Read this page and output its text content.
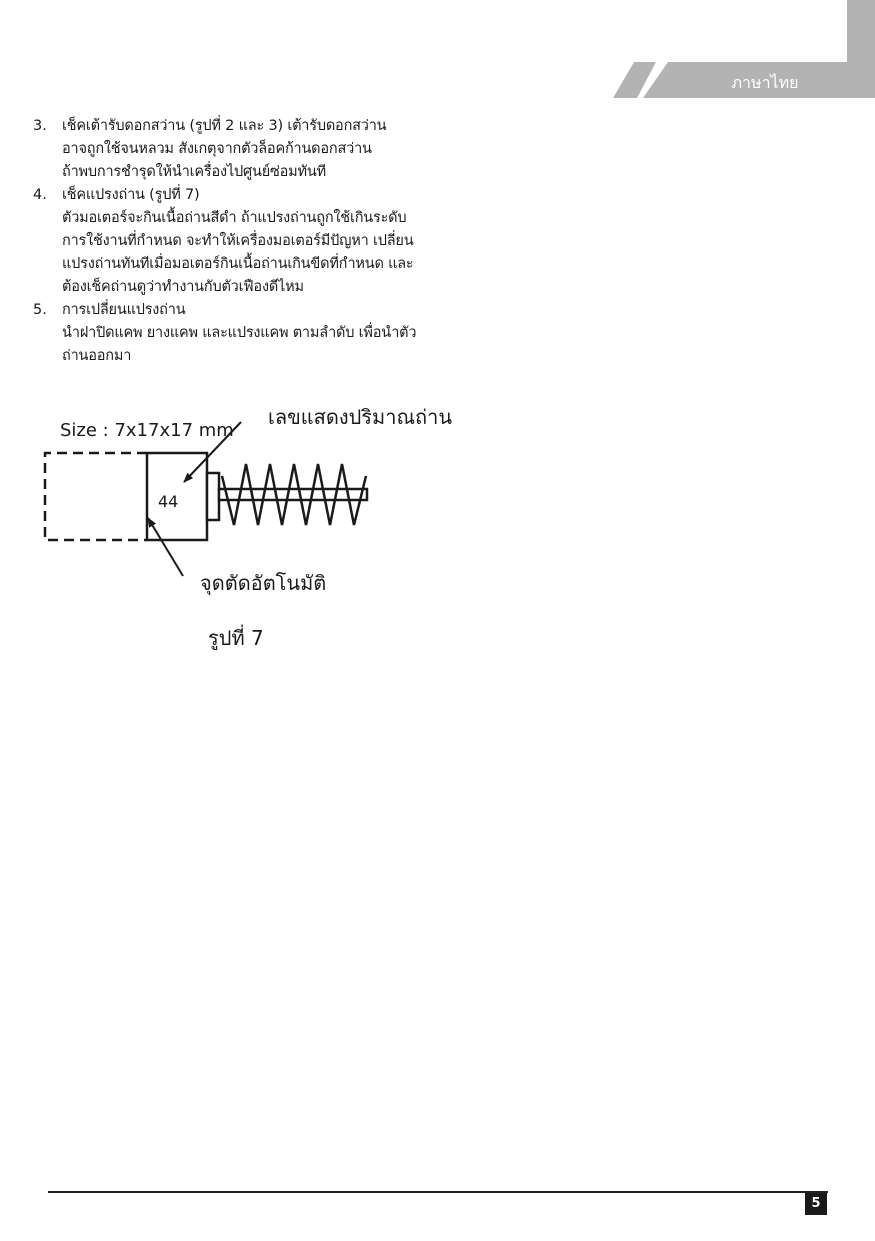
ภาษาไทย
3.	เช็คเต้ารับดอกสว่าน (รูปที่ 2 และ 3) เต้ารับดอกสว่าน
อาจถูกใช้จนหลวม สังเกตุจากตัวล็อคก้านดอกสว่าน
ถ้าพบการชำรุดให้นำเครื่องไปศูนย์ซ่อมทันที
4.	เช็คแปรงถ่าน (รูปที่ 7)
ตัวมอเตอร์จะกินเนื้อถ่านสีดำ ถ้าแปรงถ่านถูกใช้เกินระดับ
การใช้งานที่กำหนด จะทำให้เครื่องมอเตอร์มีปัญหา เปลี่ยน
แปรงถ่านทันทีเมื่อมอเตอร์กินเนื้อถ่านเกินขีดที่กำหนด และ
ต้องเช็คถ่านดูว่าทำงานกับตัวเฟืองดีไหม
5.	การเปลี่ยนแปรงถ่าน
นำฝาปิดแคพ ยางแคพ และแปรงแคพ ตามลำดับ เพื่อนำตัว
ถ่านออกมา
Size : 7x17x17 mm
เลขแสดงปริมาณถ่าน
44
จุดตัดอัตโนมัติ
รูปที่ 7
5
